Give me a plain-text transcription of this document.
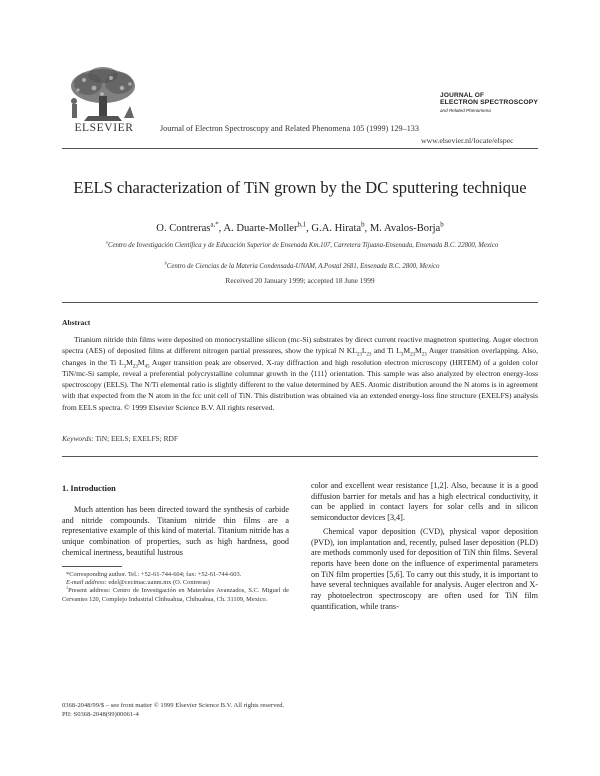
ELSEVIER	Journal of Electron Spectroscopy and Related Phenomena 105 (1999) 129–133
JOURNAL OF
ELECTRON SPECTROSCOPY
and Related Phenomena
www.elsevier.nl/locate/elspec
EELS characterization of TiN grown by the DC sputtering technique
O. Contreras$^{a,*}$, A. Duarte-Moller$^{b,1}$, G.A. Hirata$^b$, M. Avalos-Borja$^b$
$^a$Centro de Investigación Científica y de Educación Superior de Ensenada Km.107, Carretera Tijuana-Ensenada, Ensenada B.C. 22800, Mexico
$^b$Centro de Ciencias de la Materia Condensada-UNAM, A.Postal 2681, Ensenada B.C. 2800, Mexico
Received 20 January 1999; accepted 18 June 1999
Abstract
Titanium nitride thin films were deposited on monocrystalline silicon (mc-Si) substrates by direct current reactive magnetron sputtering. Auger electron spectra (AES) of deposited films at different nitrogen partial pressures, show the typical N $KL_{23}L_{23}$ and Ti $L_3M_{23}M_{23}$ Auger transition overlapping. Also, changes in the Ti $L_3M_{23}M_{45}$ Auger transition peak are observed. X-ray diffraction and high resolution electron microscopy (HRTEM) of a golden color TiN/mc-Si sample, reveal a preferential polycrystalline columnar growth in the ⟨111⟩ orientation. This sample was also analyzed by electron energy-loss spectroscopy (EELS). The N/Ti elemental ratio is slightly different to the value determined by AES. Atomic distribution around the N atoms is in agreement with that expected from the N atom in the fcc unit cell of TiN. This distribution was obtained via an extended energy-loss fine structure (EXELFS) analysis from EELS spectra. © 1999 Elsevier Science B.V. All rights reserved.
Keywords: TiN; EELS; EXELFS; RDF
1. Introduction

Much attention has been directed toward the synthesis of carbide and nitride compounds. Titanium nitride thin films are a representative example of this kind of material. Titanium nitride has a unique combination of properties, such as high hardness, good chemical inertness, beautiful lustrous

*Corresponding author. Tel.: +52-61-744-604; fax: +52-61-744-603.

E-mail address: edel@cecimac.uanm.mx (O. Contreras)

$^1$Present address: Centro de Investigación en Materiales Avanzados, S.C. Miguel de Cervantes 120, Complejo Industrial Chihuahua, Chihuahua, Ch. 31109, Mexico.

color and excellent wear resistance [1,2]. Also, because it is a good diffusion barrier for metals and has a high electrical conductivity, it can be applied in contact layers for solar cells and in silicon semiconductor devices [3,4].

Chemical vapor deposition (CVD), physical vapor deposition (PVD), ion implantation and, recently, pulsed laser deposition (PLD) are methods commonly used for deposition of TiN thin films. Several reports have been done on the influence of experimental parameters on TiN film properties [5,6]. To carry out this study, it is important to have several techniques available for analysis. Auger electron and X-ray photoelectron spectroscopy are often used for TiN film quantification, while trans-

0368-2048/99/$ – see front matter © 1999 Elsevier Science B.V. All rights reserved.
PII: S0368-2048(99)00061-4
